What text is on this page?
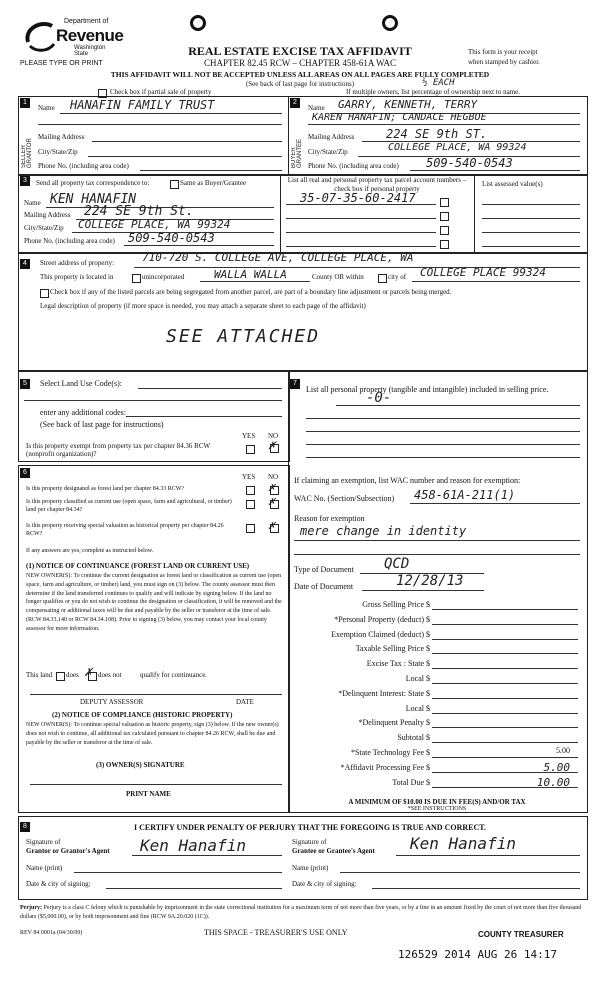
Department of
Revenue
Washington State
PLEASE TYPE OR PRINT
REAL ESTATE EXCISE TAX AFFIDAVIT
CHAPTER 82.45 RCW – CHAPTER 458-61A WAC
THIS AFFIDAVIT WILL NOT BE ACCEPTED UNLESS ALL AREAS ON ALL PAGES ARE FULLY COMPLETED
(See back of last page for instructions)
This form is your receipt
when stamped by cashier.
Check box if partial sale of property	If multiple owners, list percentage of ownership next to name.
½ EACH
1	2
SELLER GRANTOR	BUYER GRANTEE
Name HANAFIN FAMILY TRUST
Mailing Address
City/State/Zip
Phone No. (including area code)
Name GARRY, KENNETH, TERRY
KAREN HANAFIN; CANDACE HEGBOE
Mailing Address	224 SE 9th ST.
City/State/Zip	COLLEGE PLACE, WA 99324
Phone No. (including area code) 509-540-0543
3	Send all property tax correspondence to:	Same as Buyer/Grantee
Name KEN HANAFIN
Mailing Address 224 SE 9th St.
City/State/Zip COLLEGE PLACE, WA 99324
Phone No. (including area code) 509-540-0543
List all real and personal property tax parcel account numbers – check box if personal property
35-07-35-60-2417
List assessed value(s)
4	Street address of property:	710-720 S. COLLEGE AVE, COLLEGE PLACE, WA
This property is located in	unincorporated	WALLA WALLA	County OR within	city of COLLEGE PLACE 99324
Check box if any of the listed parcels are being segregated from another parcel, are part of a boundary line adjustment or parcels being merged.
Legal description of property (if more space is needed, you may attach a separate sheet to each page of the affidavit)
SEE ATTACHED
5	Select Land Use Code(s):
enter any additional codes:
(See back of last page for instructions)
YES NO
Is this property exempt from property tax per chapter 84.36 RCW (nonprofit organization)?
✗
6
YES NO
Is this property designated as forest land per chapter 84.33 RCW?	✗
Is this property classified as current use (open space, farm and agricultural, or timber) land per chapter 84.34?
✗
Is this property receiving special valuation as historical property per chapter 84.26 RCW?
✗
If any answers are yes, complete as instructed below.
(1) NOTICE OF CONTINUANCE (FOREST LAND OR CURRENT USE)
NEW OWNER(S): To continue the current designation as forest land or classification as current use (open space, farm and agriculture, or timber) land, you must sign on (3) below. The county assessor must then determine if the land transferred continues to qualify and will indicate by signing below. If the land no longer qualifies or you do not wish to continue the designation or classification, it will be removed and the compensating or additional taxes will be due and payable by the seller or transferor at the time of sale. (RCW 84.33.140 or RCW 84.34.108). Prior to signing (3) below, you may contact your local county assessor for more information.
This land does ✗ does not	qualify for continuance.
DEPUTY ASSESSOR	DATE
(2) NOTICE OF COMPLIANCE (HISTORIC PROPERTY)
NEW OWNER(S): To continue special valuation as historic property, sign (3) below. If the new owner(s) does not wish to continue, all additional tax calculated pursuant to chapter 84.26 RCW, shall be due and payable by the seller or transferor at the time of sale.
(3) OWNER(S) SIGNATURE
PRINT NAME
7
List all personal property (tangible and intangible) included in selling price.
-0-
If claiming an exemption, list WAC number and reason for exemption:
WAC No. (Section/Subsection) 458-61A-211(1)
Reason for exemption
mere change in identity
Type of Document QCD
Date of Document	12/28/13
Gross Selling Price $
*Personal Property (deduct) $
Exemption Claimed (deduct) $
Taxable Selling Price $
Excise Tax : State $
Local $
*Delinquent Interest: State $
Local $
*Delinquent Penalty $
Subtotal $
*State Technology Fee $	5.00
*Affidavit Processing Fee $	5.00
Total Due $	10.00
A MINIMUM OF $10.00 IS DUE IN FEE(S) AND/OR TAX
*SEE INSTRUCTIONS
8	I CERTIFY UNDER PENALTY OF PERJURY THAT THE FOREGOING IS TRUE AND CORRECT.
Signature of
Grantor or Grantor's Agent Ken Hanafin
Name (print)
Date & city of signing:
Signature of
Grantee or Grantee's Agent Ken Hanafin
Name (print)
Date & city of signing:
Perjury: Perjury is a class C felony which is punishable by imprisonment in the state correctional institution for a maximum term of not more than five years, or by a fine in an amount fixed by the court of not more than five thousand dollars ($5,000.00), or by both imprisonment and fine (RCW 9A.20.020 (1C)).
REV 84 0001a (04/30/09)	THIS SPACE - TREASURER'S USE ONLY	COUNTY TREASURER
126529 2014 AUG 26 14:17
